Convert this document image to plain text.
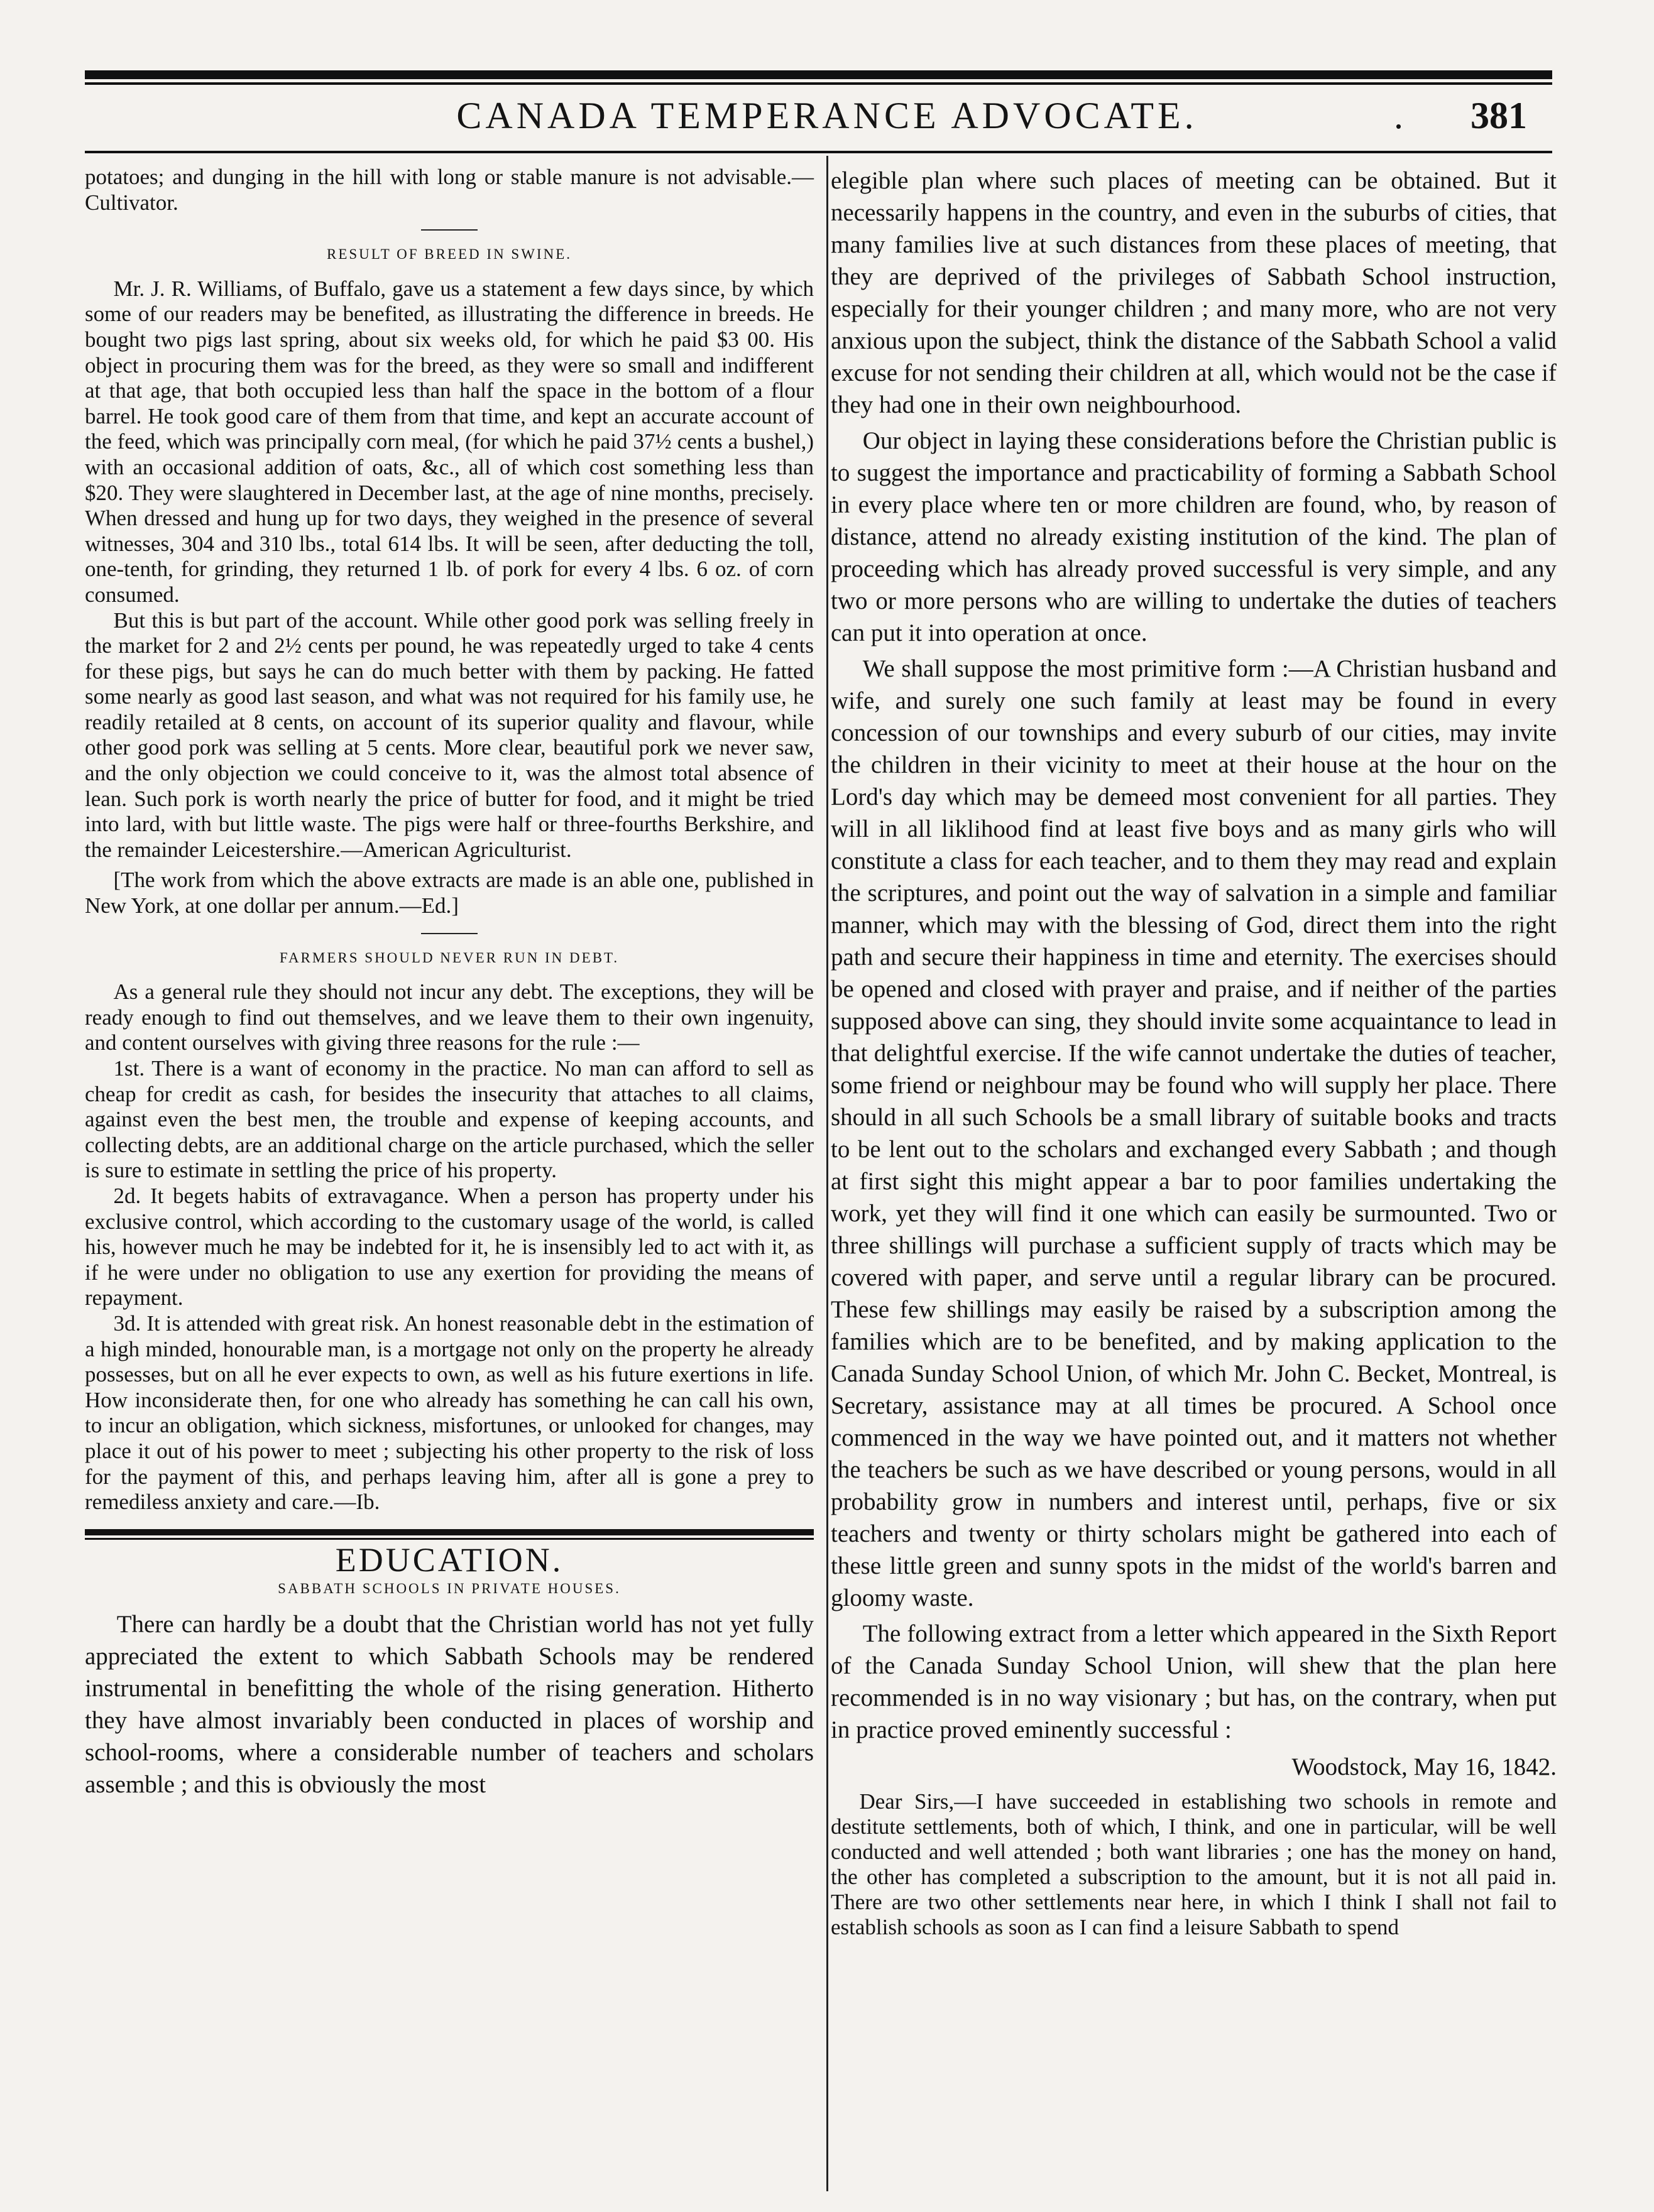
CANADA TEMPERANCE ADVOCATE.	. 381

potatoes; and dunging in the hill with long or stable manure is not advisable.—Cultivator.

RESULT OF BREED IN SWINE.

Mr. J. R. Williams, of Buffalo, gave us a statement a few days since, by which some of our readers may be benefited, as illustrating the difference in breeds. He bought two pigs last spring, about six weeks old, for which he paid $3 00. His object in procuring them was for the breed, as they were so small and indifferent at that age, that both occupied less than half the space in the bottom of a flour barrel. He took good care of them from that time, and kept an accurate account of the feed, which was principally corn meal, (for which he paid 37½ cents a bushel,) with an occasional addition of oats, &c., all of which cost something less than $20. They were slaughtered in December last, at the age of nine months, precisely. When dressed and hung up for two days, they weighed in the presence of several witnesses, 304 and 310 lbs., total 614 lbs. It will be seen, after deducting the toll, one-tenth, for grinding, they returned 1 lb. of pork for every 4 lbs. 6 oz. of corn consumed.

But this is but part of the account. While other good pork was selling freely in the market for 2 and 2½ cents per pound, he was repeatedly urged to take 4 cents for these pigs, but says he can do much better with them by packing. He fatted some nearly as good last season, and what was not required for his family use, he readily retailed at 8 cents, on account of its superior quality and flavour, while other good pork was selling at 5 cents. More clear, beautiful pork we never saw, and the only objection we could conceive to it, was the almost total absence of lean. Such pork is worth nearly the price of butter for food, and it might be tried into lard, with but little waste. The pigs were half or three-fourths Berkshire, and the remainder Leicestershire.—American Agriculturist.

[The work from which the above extracts are made is an able one, published in New York, at one dollar per annum.—Ed.]

FARMERS SHOULD NEVER RUN IN DEBT.

As a general rule they should not incur any debt. The exceptions, they will be ready enough to find out themselves, and we leave them to their own ingenuity, and content ourselves with giving three reasons for the rule :—

1st. There is a want of economy in the practice. No man can afford to sell as cheap for credit as cash, for besides the insecurity that attaches to all claims, against even the best men, the trouble and expense of keeping accounts, and collecting debts, are an additional charge on the article purchased, which the seller is sure to estimate in settling the price of his property.

2d. It begets habits of extravagance. When a person has property under his exclusive control, which according to the customary usage of the world, is called his, however much he may be indebted for it, he is insensibly led to act with it, as if he were under no obligation to use any exertion for providing the means of repayment.

3d. It is attended with great risk. An honest reasonable debt in the estimation of a high minded, honourable man, is a mortgage not only on the property he already possesses, but on all he ever expects to own, as well as his future exertions in life. How inconsiderate then, for one who already has something he can call his own, to incur an obligation, which sickness, misfortunes, or unlooked for changes, may place it out of his power to meet ; subjecting his other property to the risk of loss for the payment of this, and perhaps leaving him, after all is gone a prey to remediless anxiety and care.—Ib.

EDUCATION.
SABBATH SCHOOLS IN PRIVATE HOUSES.

There can hardly be a doubt that the Christian world has not yet fully appreciated the extent to which Sabbath Schools may be rendered instrumental in benefitting the whole of the rising generation. Hitherto they have almost invariably been conducted in places of worship and school-rooms, where a considerable number of teachers and scholars assemble ; and this is obviously the most

elegible plan where such places of meeting can be obtained. But it necessarily happens in the country, and even in the suburbs of cities, that many families live at such distances from these places of meeting, that they are deprived of the privileges of Sabbath School instruction, especially for their younger children ; and many more, who are not very anxious upon the subject, think the distance of the Sabbath School a valid excuse for not sending their children at all, which would not be the case if they had one in their own neighbourhood.

Our object in laying these considerations before the Christian public is to suggest the importance and practicability of forming a Sabbath School in every place where ten or more children are found, who, by reason of distance, attend no already existing institution of the kind. The plan of proceeding which has already proved successful is very simple, and any two or more persons who are willing to undertake the duties of teachers can put it into operation at once.

We shall suppose the most primitive form :—A Christian husband and wife, and surely one such family at least may be found in every concession of our townships and every suburb of our cities, may invite the children in their vicinity to meet at their house at the hour on the Lord's day which may be demeed most convenient for all parties. They will in all liklihood find at least five boys and as many girls who will constitute a class for each teacher, and to them they may read and explain the scriptures, and point out the way of salvation in a simple and familiar manner, which may with the blessing of God, direct them into the right path and secure their happiness in time and eternity. The exercises should be opened and closed with prayer and praise, and if neither of the parties supposed above can sing, they should invite some acquaintance to lead in that delightful exercise. If the wife cannot undertake the duties of teacher, some friend or neighbour may be found who will supply her place. There should in all such Schools be a small library of suitable books and tracts to be lent out to the scholars and exchanged every Sabbath ; and though at first sight this might appear a bar to poor families undertaking the work, yet they will find it one which can easily be surmounted. Two or three shillings will purchase a sufficient supply of tracts which may be covered with paper, and serve until a regular library can be procured. These few shillings may easily be raised by a subscription among the families which are to be benefited, and by making application to the Canada Sunday School Union, of which Mr. John C. Becket, Montreal, is Secretary, assistance may at all times be procured. A School once commenced in the way we have pointed out, and it matters not whether the teachers be such as we have described or young persons, would in all probability grow in numbers and interest until, perhaps, five or six teachers and twenty or thirty scholars might be gathered into each of these little green and sunny spots in the midst of the world's barren and gloomy waste.

The following extract from a letter which appeared in the Sixth Report of the Canada Sunday School Union, will shew that the plan here recommended is in no way visionary ; but has, on the contrary, when put in practice proved eminently successful :

Woodstock, May 16, 1842.

Dear Sirs,—I have succeeded in establishing two schools in remote and destitute settlements, both of which, I think, and one in particular, will be well conducted and well attended ; both want libraries ; one has the money on hand, the other has completed a subscription to the amount, but it is not all paid in. There are two other settlements near here, in which I think I shall not fail to establish schools as soon as I can find a leisure Sabbath to spend
